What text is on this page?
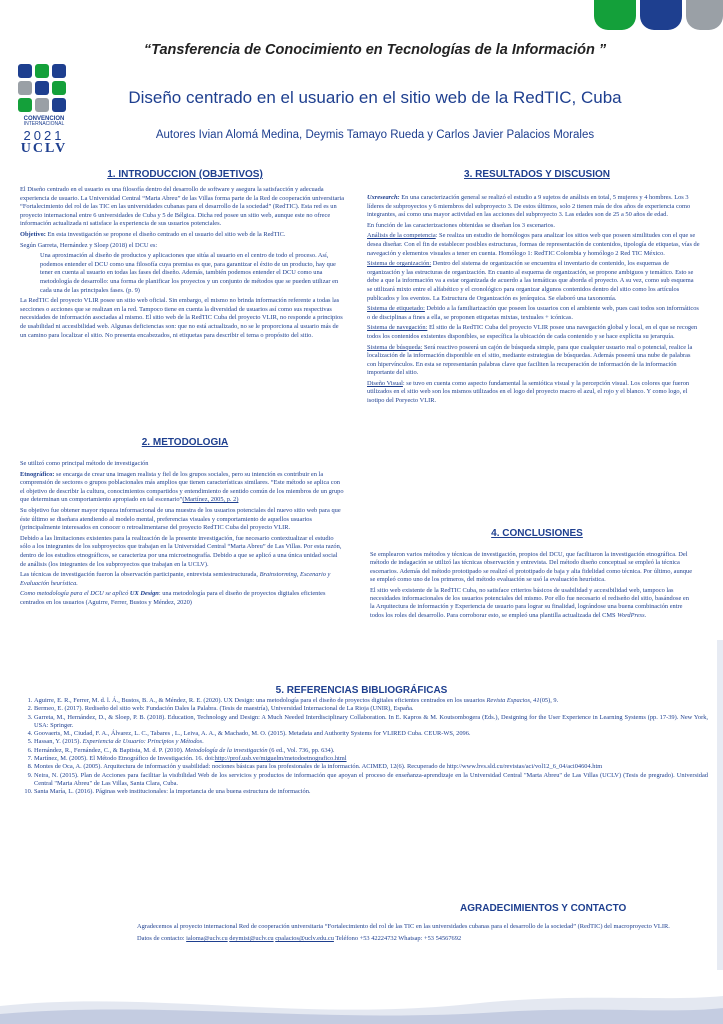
“Tansferencia de Conocimiento en Tecnologías de la Información ”
CONVENCION
INTERNACIONAL
2021
UCLV
Diseño centrado en el usuario en el sitio web de la RedTIC, Cuba
Autores Ivian Alomá Medina, Deymis Tamayo Rueda y Carlos Javier Palacios Morales
1. INTRODUCCION (OBJETIVOS)

El Diseño centrado en el usuario es una filosofía dentro del desarrollo de software y asegura la satisfacción y adecuada experiencia de usuario. La Universidad Central “Marta Abreu” de las Villas forma parte de la Red de cooperación universitaria “Fortalecimiento del rol de las TIC en las universidades cubanas para el desarrollo de la sociedad” (RedTIC). Esta red es un proyecto internacional entre 6 universidades de Cuba y 5 de Bélgica. Dicha red posee un sitio web, aunque este no ofrece información actualizada ni satisface la experiencia de sus usuarios potenciales.

Objetivo: En esta investigación se propone el diseño centrado en el usuario del sitio web de la RedTIC.

Según Garreta, Hernández y Sloep (2018) el DCU es:

Una aproximación al diseño de productos y aplicaciones que sitúa al usuario en el centro de todo el proceso. Así, podemos entender el DCU como una filosofía cuya premisa es que, para garantizar el éxito de un producto, hay que tener en cuenta al usuario en todas las fases del diseño. Además, también podemos entender el DCU como una metodología de desarrollo: una forma de planificar los proyectos y un conjunto de métodos que se pueden utilizar en cada una de las principales fases. (p. 9)

La RedTIC del proyecto VLIR posee un sitio web oficial. Sin embargo, el mismo no brinda información referente a todas las secciones o acciones que se realizan en la red. Tampoco tiene en cuenta la diversidad de usuarios así como sus respectivas necesidades de información asociadas al mismo. El sitio web de la RedTIC Cuba del proyecto VLIR, no responde a principios de usabilidad ni accesibilidad web. Algunas deficiencias son: que no está actualizado, no se le proporciona al usuario más de un camino para localizar el sitio. No presenta encabezados, ni etiquetas para describir el tema o propósito del sitio.

2. METODOLOGIA

Se utilizó como principal método de investigación

Etnográfico: se encarga de crear una imagen realista y fiel de los grupos sociales, pero su intención es contribuir en la comprensión de sectores o grupos poblacionales más amplios que tienen características similares. “Este método se aplica con el objetivo de describir la cultura, conocimientos compartidos y entendimiento de sentido común de los miembros de un grupo que determinan un comportamiento apropiado en tal escenario”(Martínez, 2005, p. 2)

Su objetivo fue obtener mayor riqueza informacional de una muestra de los usuarios potenciales del nuevo sitio web para que éste último se diseñara atendiendo al modelo mental, preferencias visuales y comportamiento de aquellos usuarios (principalmente interesados en conocer o retroalimentarse del proyecto RedTIC Cuba del proyecto VLIR.

Debido a las limitaciones existentes para la realización de la presente investigación, fue necesario contextualizar el estudio sólo a los integrantes de los subproyectos que trabajan en la Universidad Central “Marta Abreu” de Las Villas. Por esta razón, dentro de los estudios etnográficos, se caracteriza por una microetnografía. Debido a que se aplicó a una única unidad social de análisis (los integrantes de los subproyectos que trabajan en la UCLV).

Las técnicas de investigación fueron la observación participante, entrevista semiestructurada, Brainstorming, Escenario y Evaluación heurística.

Como metodología para el DCU se aplicó UX Design: una metodología para el diseño de proyectos digitales eficientes centrados en los usuarios (Aguirre, Ferrer, Bustos y Méndez, 2020)

3. RESULTADOS Y DISCUSION

Uxresearch: En una caracterización general se realizó el estudio a 9 sujetos de análisis en total, 5 mujeres y 4 hombres. Los 3 líderes de subproyectos y 6 miembros del subproyecto 3. De estos últimos, solo 2 tienen más de dos años de experiencia como integrantes, así como una mayor actividad en las acciones del subproyecto 3. Las edades son de 25 a 50 años de edad.

En función de las caracterizaciones obtenidas se diseñan los 3 escenarios.

Análisis de la competencia: Se realiza un estudio de homólogos para analizar los sitios web que poseen similitudes con el que se desea diseñar. Con el fin de establecer posibles estructuras, formas de representación de contenidos, tipología de etiquetas, vías de navegación y elementos visuales a tener en cuenta. Homólogo 1: RedTIC Colombia y homólogo 2 Red TIC México.

Sistema de organización: Dentro del sistema de organización se encuentra el inventario de contenido, los esquemas de organización y las estructuras de organización. En cuanto al esquema de organización, se propone ambiguos y temático. Esto se debe a que la información va a estar organizada de acuerdo a las temáticas que aborda el proyecto. A su vez, como sub esquema se utilizará mixto entre el alfabético y el cronológico para organizar algunos contenidos dentro del sitio como los artículos publicados y los eventos. La Estructura de Organización es jerárquica. Se elaboró una taxonomía.

Sistema de etiquetado: Debido a la familiarización que poseen los usuarios con el ambiente web, pues casi todos son informáticos o de disciplinas a fines a ella, se proponen etiquetas mixtas, textuales + icónicas.

Sistema de navegación: El sitio de la RedTIC Cuba del proyecto VLIR posee una navegación global y local, en el que se recogen todos los contenidos existentes disponibles, se específica la ubicación de cada contenido y se hace explícita su jerarquía.

Sistema de búsqueda: Será reactivo poseerá un cajón de búsqueda simple, para que cualquier usuario real o potencial, realice la localización de la información disponible en el sitio, mediante estrategias de búsquedas. Además poseerá una nube de palabras con hipervínculos. En esta se representarán palabras clave que faciliten la recuperación de información de la información importante del sitio.

Diseño Visual: se tuvo en cuenta como aspecto fundamental la semiótica visual y la percepción visual. Los colores que fueron utilizados en el sitio web son los mismos utilizados en el logo del proyecto macro el azul, el rojo y el blanco. Y como logo, el isotipo del Poryecto VLIR.

4. CONCLUSIONES

Se emplearon varios métodos y técnicas de investigación, propios del DCU, que facilitaron la investigación etnográfica. Del método de indagación se utilizó las técnicas observación y entrevista. Del método diseño conceptual se empleó la técnica escenarios. Además del método prototipado se realizó el prototipado de baja y alta fidelidad como técnica. Por último, aunque se empleó como uno de los primeros, del método evaluación se usó la evaluación heurística.

El sitio web existente de la RedTIC Cuba, no satisface criterios básicos de usabilidad y accesibilidad web, tampoco las necesidades informacionales de los usuarios potenciales del mismo. Por ello fue necesario el rediseño del sitio, basándose en la Arquitectura de información y Experiencia de usuario para lograr su finalidad, lográndose una buena combinación entre todos los roles del desarrollo. Para corroborar esto, se empleó una plantilla actualizada del CMS WordPress.

5. REFERENCIAS BIBLIOGRÁFICAS
1. Aguirre, E. R., Ferrer, M. d. l. Á., Bustos, B. A., & Méndez, R. E. (2020). UX Design: una metodología para el diseño de proyectos digitales eficientes centrados en los usuarios Revista Espacios, 41(05), 9.
2. Bermeo, E. (2017). Rediseño del sitio web: Fundación Dales la Palabra. (Tesis de maestría), Universidad Internacional de La Rioja (UNIR), España.
3. Garreta, M., Hernández, D., & Sloep, P. B. (2018). Education, Technology and Design: A Much Needed Interdisciplinary Collaboration. In E. Kapros & M. Koutsombogera (Eds.), Designing for the User Experience in Learning Systems (pp. 17-39). New York, USA: Springer.
4. Goovaerts, M., Ciudad, F. A., Álvarez, L. C., Tabares , L., Leiva, A. A., & Machado, M. O. (2015). Metadata and Authority Systems for VLIRED Cuba. CEUR-WS, 2096.
5. Hassan, Y. (2015). Experiencia de Usuario: Principios y Métodos.
6. Hernández, R., Fernández, C., & Baptista, M. d. P. (2010). Metodología de la investigación (6 ed., Vol. 736, pp. 634).
7. Martínez, M. (2005). El Método Etnográfico de Investigación. 16. doi:http://prof.usb.ve/miguelm/metodoetnografico.html
8. Montes de Oca, A. (2005). Arquitectura de información y usabilidad: nociones básicas para los profesionales de la información. ACIMED, 12(6). Recuperado de http://www.bvs.sld.cu/revistas/aci/vol12_6_04/aci04604.htm
9. Neira, N. (2015). Plan de Acciones para facilitar la visibilidad Web de los servicios y productos de información que apoyan el proceso de enseñanza-aprendizaje en la Universidad Central "Marta Abreu" de Las Villas (UCLV) (Tesis de pregrado). Universidad Central "Marta Abreu" de Las Villas, Santa Clara, Cuba.
10. Santa María, L. (2016). Páginas web institucionales: la importancia de una buena estructura de información.
AGRADECIMIENTOS Y CONTACTO

Agradecemos al proyecto internacional Red de cooperación universitaria “Fortalecimiento del rol de las TIC en las universidades cubanas para el desarrollo de la sociedad” (RedTIC) del macroproyecto VLIR.

Datos de contacto: ialoma@uclv.cu deymist@uclv.cu cpalacios@uclv.edu.cu Teléfono +53 42224732 Whatsap: +53 54567692
